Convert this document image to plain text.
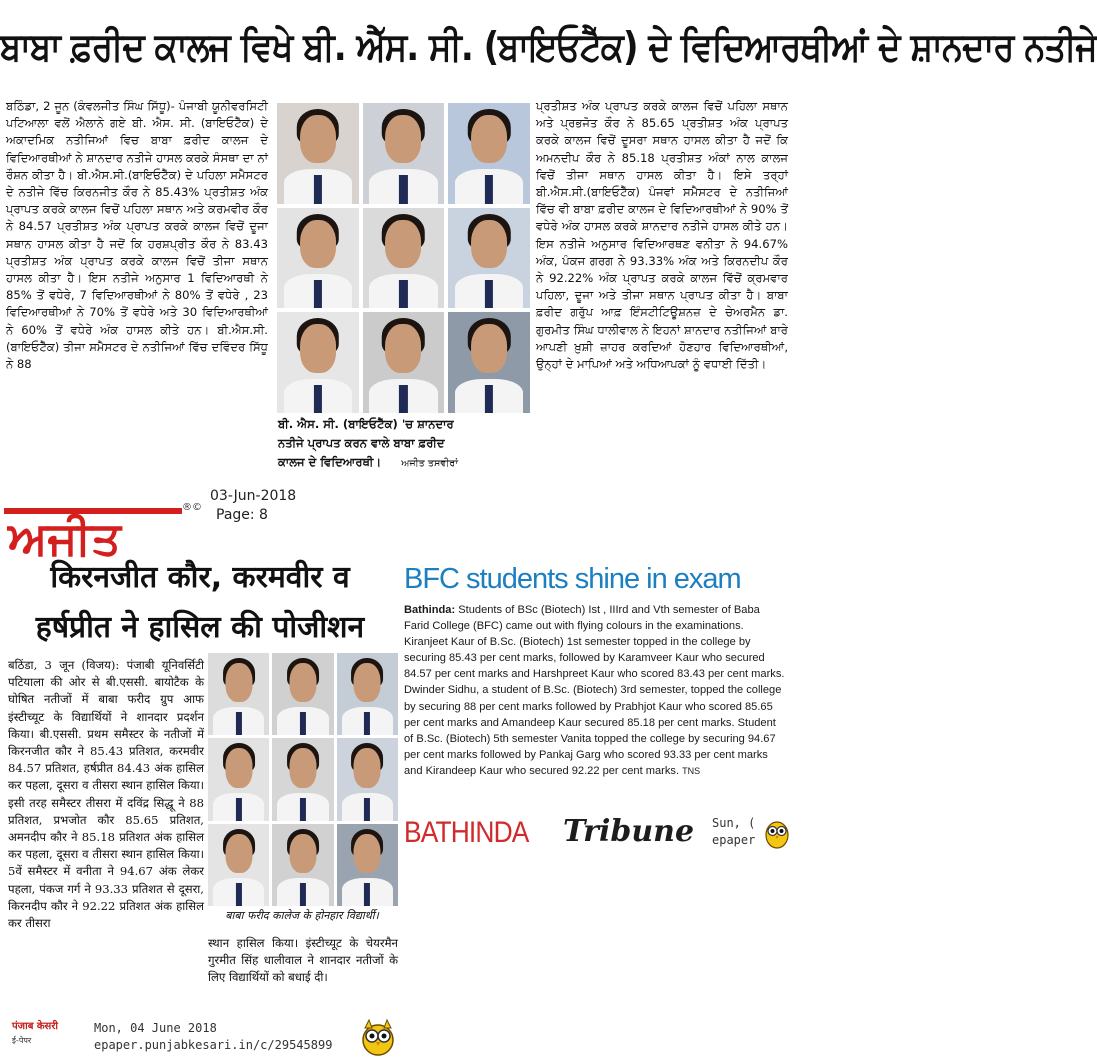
ਬਾਬਾ ਫ਼ਰੀਦ ਕਾਲਜ ਵਿਖੇ ਬੀ. ਐੱਸ. ਸੀ. (ਬਾਇਓਟੈੱਕ) ਦੇ ਵਿਦਿਆਰਥੀਆਂ ਦੇ ਸ਼ਾਨਦਾਰ ਨਤੀਜੇ
ਬਠਿੰਡਾ, 2 ਜੂਨ (ਕੰਵਲਜੀਤ ਸਿੰਘ ਸਿੱਧੂ)- ਪੰਜਾਬੀ ਯੂਨੀਵਰਸਿਟੀ ਪਟਿਆਲਾ ਵਲੋਂ ਐਲਾਨੇ ਗਏ ਬੀ. ਐਸ. ਸੀ. (ਬਾਇਓਟੈੱਕ) ਦੇ ਅਕਾਦਮਿਕ ਨਤੀਜਿਆਂ ਵਿਚ ਬਾਬਾ ਫ਼ਰੀਦ ਕਾਲਜ ਦੇ ਵਿਦਿਆਰਥੀਆਂ ਨੇ ਸ਼ਾਨਦਾਰ ਨਤੀਜੇ ਹਾਸਲ ਕਰਕੇ ਸੰਸਥਾ ਦਾ ਨਾਂ ਰੌਸ਼ਨ ਕੀਤਾ ਹੈ। ਬੀ.ਐਸ.ਸੀ.(ਬਾਇਓਟੈੱਕ) ਦੇ ਪਹਿਲਾ ਸਮੈਸਟਰ ਦੇ ਨਤੀਜੇ ਵਿੱਚ ਕਿਰਨਜੀਤ ਕੌਰ ਨੇ 85.43% ਪ੍ਰਤੀਸ਼ਤ ਅੰਕ ਪ੍ਰਾਪਤ ਕਰਕੇ ਕਾਲਜ ਵਿਚੋਂ ਪਹਿਲਾ ਸਥਾਨ ਅਤੇ ਕਰਮਵੀਰ ਕੌਰ ਨੇ 84.57 ਪ੍ਰਤੀਸ਼ਤ ਅੰਕ ਪ੍ਰਾਪਤ ਕਰਕੇ ਕਾਲਜ ਵਿਚੋਂ ਦੂਜਾ ਸਥਾਨ ਹਾਸਲ ਕੀਤਾ ਹੈ ਜਦੋਂ ਕਿ ਹਰਸ਼ਪ੍ਰੀਤ ਕੌਰ ਨੇ 83.43 ਪ੍ਰਤੀਸ਼ਤ ਅੰਕ ਪ੍ਰਾਪਤ ਕਰਕੇ ਕਾਲਜ ਵਿਚੋਂ ਤੀਜਾ ਸਥਾਨ ਹਾਸਲ ਕੀਤਾ ਹੈ। ਇਸ ਨਤੀਜੇ ਅਨੁਸਾਰ 1 ਵਿਦਿਆਰਥੀ ਨੇ 85% ਤੋਂ ਵਧੇਰੇ, 7 ਵਿਦਿਆਰਥੀਆਂ ਨੇ 80% ਤੋਂ ਵਧੇਰੇ , 23 ਵਿਦਿਆਰਥੀਆਂ ਨੇ 70% ਤੋਂ ਵਧੇਰੇ ਅਤੇ 30 ਵਿਦਿਆਰਥੀਆਂ ਨੇ 60% ਤੋਂ ਵਧੇਰੇ ਅੰਕ ਹਾਸਲ ਕੀਤੇ ਹਨ। ਬੀ.ਐਸ.ਸੀ.(ਬਾਇਓਟੈੱਕ) ਤੀਜਾ ਸਮੈਸਟਰ ਦੇ ਨਤੀਜਿਆਂ ਵਿੱਚ ਦਵਿੰਦਰ ਸਿੱਧੂ ਨੇ 88
ਬੀ. ਐਸ. ਸੀ. (ਬਾਇਓਟੈੱਕ) 'ਚ ਸ਼ਾਨਦਾਰ
ਨਤੀਜੇ ਪ੍ਰਾਪਤ ਕਰਨ ਵਾਲੇ ਬਾਬਾ ਫ਼ਰੀਦ
ਕਾਲਜ ਦੇ ਵਿਦਿਆਰਥੀ। ਅਜੀਤ ਤਸਵੀਰਾਂ
ਪ੍ਰਤੀਸ਼ਤ ਅੰਕ ਪ੍ਰਾਪਤ ਕਰਕੇ ਕਾਲਜ ਵਿਚੋਂ ਪਹਿਲਾ ਸਥਾਨ ਅਤੇ ਪ੍ਰਭਜੋਤ ਕੌਰ ਨੇ 85.65 ਪ੍ਰਤੀਸ਼ਤ ਅੰਕ ਪ੍ਰਾਪਤ ਕਰਕੇ ਕਾਲਜ ਵਿਚੋਂ ਦੂਸਰਾ ਸਥਾਨ ਹਾਸਲ ਕੀਤਾ ਹੈ ਜਦੋਂ ਕਿ ਅਮਨਦੀਪ ਕੌਰ ਨੇ 85.18 ਪ੍ਰਤੀਸ਼ਤ ਅੰਕਾਂ ਨਾਲ ਕਾਲਜ ਵਿਚੋਂ ਤੀਜਾ ਸਥਾਨ ਹਾਸਲ ਕੀਤਾ ਹੈ। ਇਸੇ ਤਰ੍ਹਾਂ ਬੀ.ਐਸ.ਸੀ.(ਬਾਇਓਟੈੱਕ) ਪੰਜਵਾਂ ਸਮੈਸਟਰ ਦੇ ਨਤੀਜਿਆਂ ਵਿੱਚ ਵੀ ਬਾਬਾ ਫ਼ਰੀਦ ਕਾਲਜ ਦੇ ਵਿਦਿਆਰਥੀਆਂ ਨੇ 90% ਤੋਂ ਵਧੇਰੇ ਅੰਕ ਹਾਸਲ ਕਰਕੇ ਸ਼ਾਨਦਾਰ ਨਤੀਜੇ ਹਾਸਲ ਕੀਤੇ ਹਨ। ਇਸ ਨਤੀਜੇ ਅਨੁਸਾਰ ਵਿਦਿਆਰਥਣ ਵਨੀਤਾ ਨੇ 94.67% ਅੰਕ, ਪੰਕਜ ਗਰਗ ਨੇ 93.33% ਅੰਕ ਅਤੇ ਕਿਰਨਦੀਪ ਕੌਰ ਨੇ 92.22% ਅੰਕ ਪ੍ਰਾਪਤ ਕਰਕੇ ਕਾਲਜ ਵਿੱਚੋਂ ਕ੍ਰਮਵਾਰ ਪਹਿਲਾ, ਦੂਜਾ ਅਤੇ ਤੀਜਾ ਸਥਾਨ ਪ੍ਰਾਪਤ ਕੀਤਾ ਹੈ। ਬਾਬਾ ਫ਼ਰੀਦ ਗਰੁੱਪ ਆਫ਼ ਇੰਸਟੀਟਿਊਸ਼ਨਜ਼ ਦੇ ਚੇਅਰਮੈਨ ਡਾ. ਗੁਰਮੀਤ ਸਿੰਘ ਧਾਲੀਵਾਲ ਨੇ ਇਹਨਾਂ ਸ਼ਾਨਦਾਰ ਨਤੀਜਿਆਂ ਬਾਰੇ ਆਪਣੀ ਖ਼ੁਸ਼ੀ ਜ਼ਾਹਰ ਕਰਦਿਆਂ ਹੋਣਹਾਰ ਵਿਦਿਆਰਥੀਆਂ, ਉਨ੍ਹਾਂ ਦੇ ਮਾਪਿਆਂ ਅਤੇ ਅਧਿਆਪਕਾਂ ਨੂੰ ਵਧਾਈ ਦਿੱਤੀ।
ਅਜੀਤ
®©
03-Jun-2018
Page: 8
किरनजीत कौर, करमवीर व
हर्षप्रीत ने हासिल की पोजीशन
बठिंडा, 3 जून (विजय): पंजाबी यूनिवर्सिटी पटियाला की ओर से बी.एससी. बायोटैक के घोषित नतीजों में बाबा फरीद ग्रुप आफ इंस्टीच्यूट के विद्यार्थियों ने शानदार प्रदर्शन किया। बी.एससी. प्रथम समैस्टर के नतीजों में किरनजीत कौर ने 85.43 प्रतिशत, करमवीर 84.57 प्रतिशत, हर्षप्रीत 84.43 अंक हासिल कर पहला, दूसरा व तीसरा स्थान हासिल किया। इसी तरह समैस्टर तीसरा में दविंद्र सिद्धू ने 88 प्रतिशत, प्रभजोत कौर 85.65 प्रतिशत, अमनदीप कौर ने 85.18 प्रतिशत अंक हासिल कर पहला, दूसरा व तीसरा स्थान हासिल किया। 5वें समैस्टर में वनीता ने 94.67 अंक लेकर पहला, पंकज गर्ग ने 93.33 प्रतिशत से दूसरा, किरनदीप कौर ने 92.22 प्रतिशत अंक हासिल कर तीसरा
बाबा फरीद कालेज के होनहार विद्यार्थी।
स्थान हासिल किया। इंस्टीच्यूट के चेयरमैन गुरमीत सिंह धालीवाल ने शानदार नतीजों के लिए विद्यार्थियों को बधाई दी।
पंजाब केसरी
ई-पेपर
Mon, 04 June 2018
epaper.punjabkesari.in/c/29545899
BFC students shine in exam
Bathinda: Students of BSc (Biotech) Ist , IIIrd and Vth semester of Baba Farid College (BFC) came out with flying colours in the examinations. Kiranjeet Kaur of B.Sc. (Biotech) 1st semester topped in the college by securing 85.43 per cent marks, followed by Karamveer Kaur who secured 84.57 per cent marks and Harshpreet Kaur who scored 83.43 per cent marks. Dwinder Sidhu, a student of B.Sc. (Biotech) 3rd semester, topped the college by securing 88 per cent marks followed by Prabhjot Kaur who scored 85.65 per cent marks and Amandeep Kaur secured 85.18 per cent marks. Student of B.Sc. (Biotech) 5th semester Vanita topped the college by securing 94.67 per cent marks followed by Pankaj Garg who scored 93.33 per cent marks and Kirandeep Kaur who secured 92.22 per cent marks. TNS
BATHINDA Tribune Sun, (
epaper
